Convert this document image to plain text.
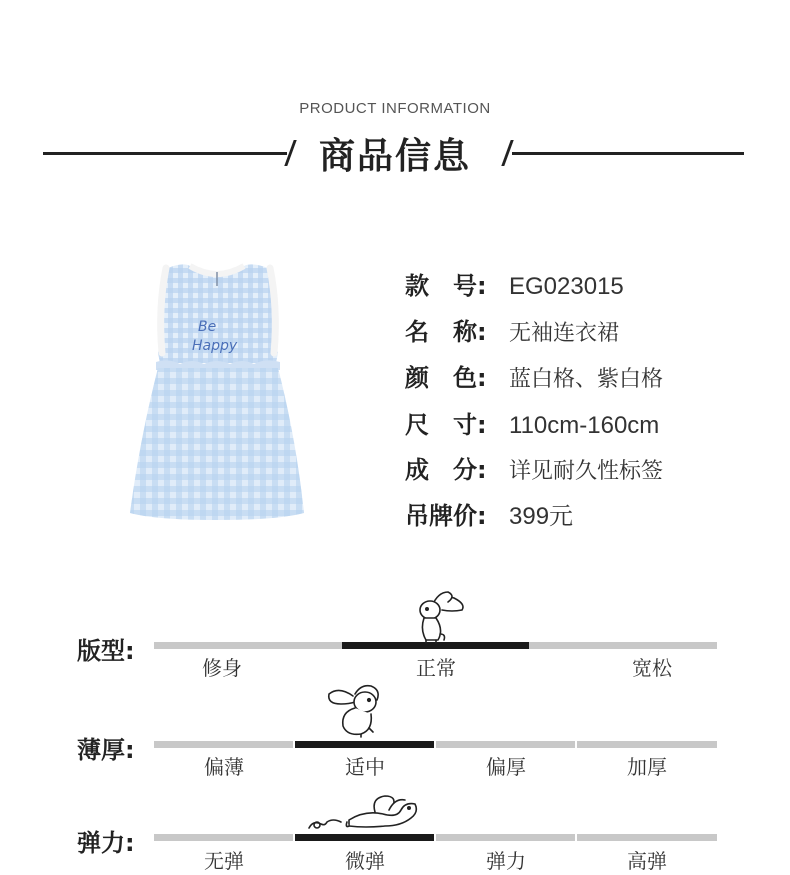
PRODUCT INFORMATION
商品信息
Be
Happy
款　号: EG023015
名　称: 无袖连衣裙
颜　色: 蓝白格、紫白格
尺　寸: 110cm-160cm
成　分: 详见耐久性标签
吊牌价: 399元
版型:
修身	正常	宽松
薄厚:
偏薄	适中	偏厚	加厚
弹力:
无弹	微弹	弹力	高弹
